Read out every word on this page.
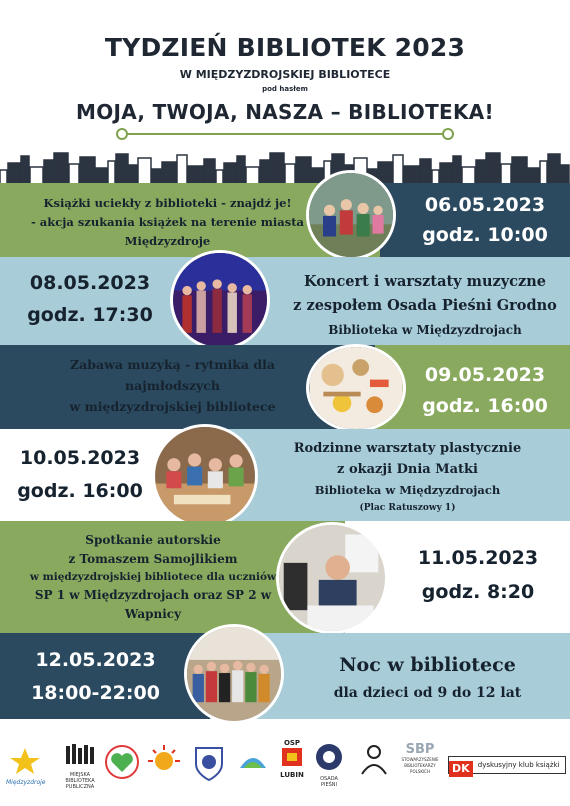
TYDZIEŃ BIBLIOTEK 2023
W MIĘDZYZDROJSKIEJ BIBLIOTECE
pod hasłem
MOJA, TWOJA, NASZA – BIBLIOTEKA!
Książki uciekły z biblioteki - znajdź je!
- akcja szukania książek na terenie miasta
Międzyzdroje
06.05.2023
godz. 10:00
08.05.2023
godz. 17:30
Koncert i warsztaty muzyczne
z zespołem Osada Pieśni Grodno
Biblioteka w Międzyzdrojach
Zabawa muzyką - rytmika dla
najmłodszych
w międzyzdrojskiej bibliotece
09.05.2023
godz. 16:00
10.05.2023
godz. 16:00
Rodzinne warsztaty plastycznie
z okazji Dnia Matki
Biblioteka w Międzyzdrojach
(Plac Ratuszowy 1)
Spotkanie autorskie
z Tomaszem Samojlikiem
w międzyzdrojskiej bibliotece dla uczniów
SP 1 w Międzyzdrojach oraz SP 2 w
Wapnicy
11.05.2023
godz. 8:20
12.05.2023
18:00-22:00
Noc w bibliotece
dla dzieci od 9 do 12 lat
Międzyzdroje
MIEJSKA BIBLIOTEKA PUBLICZNA
OSP
LUBIN	OSADA PIEŚNI
SBP
STOWARZYSZENIE BIBLIOTEKARZY POLSKICH	DK $^{dyskusyjny klub książki}$
